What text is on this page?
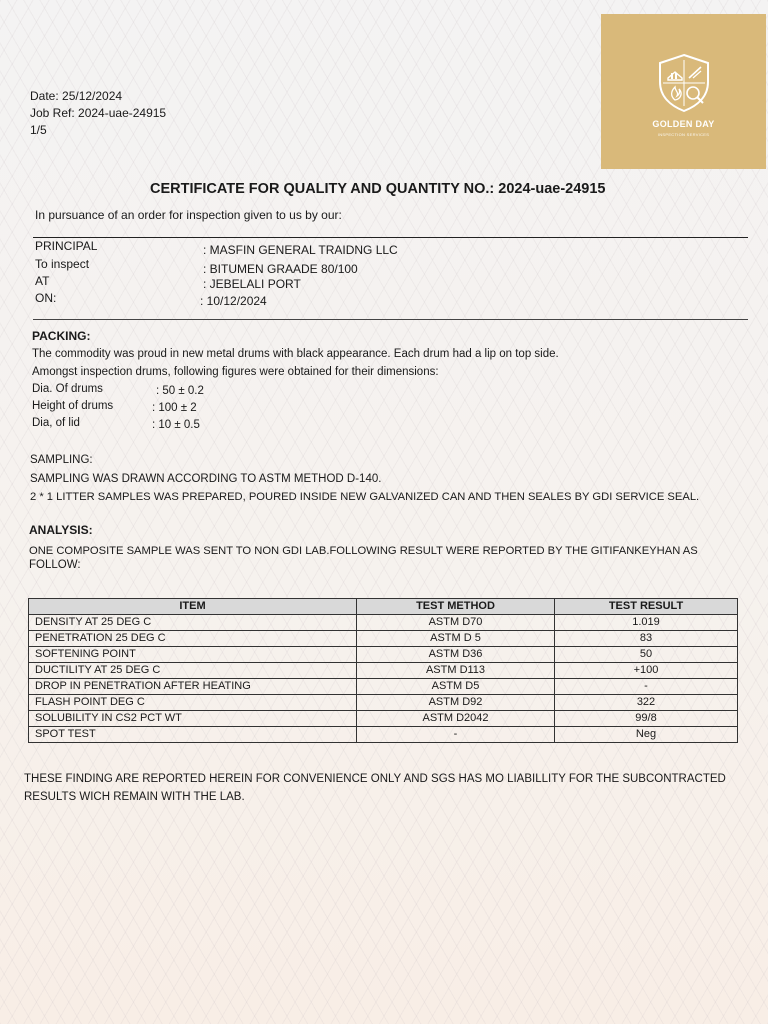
Date: 25/12/2024
Job Ref: 2024-uae-24915
1/5	GOLDEN DAY
INSPECTION SERVICES
CERTIFICATE FOR QUALITY AND QUANTITY NO.: 2024-uae-24915
In pursuance of an order for inspection given to us by our:
PRINCIPAL	: MASFIN GENERAL TRAIDNG LLC
To inspect	: BITUMEN GRAADE 80/100
AT	: JEBELALI PORT
ON:	: 10/12/2024
PACKING:
The commodity was proud in new metal drums with black appearance. Each drum had a lip on top side.
Amongst inspection drums, following figures were obtained for their dimensions:
Dia. Of drums	: 50 ± 0.2
Height of drums	: 100 ± 2
Dia, of lid	: 10 ± 0.5
SAMPLING:
SAMPLING WAS DRAWN ACCORDING TO ASTM METHOD D-140.
2 * 1 LITTER SAMPLES WAS PREPARED, POURED INSIDE NEW GALVANIZED CAN AND THEN SEALES BY GDI SERVICE SEAL.
ANALYSIS:
ONE COMPOSITE SAMPLE WAS SENT TO NON GDI LAB.FOLLOWING RESULT WERE REPORTED BY THE GITIFANKEYHAN AS
FOLLOW:
ITEM	TEST METHOD	TEST RESULT
DENSITY AT 25 DEG C	ASTM D70	1.019
PENETRATION 25 DEG C	ASTM D 5	83
SOFTENING POINT	ASTM D36	50
DUCTILITY AT 25 DEG C	ASTM D113	+100
DROP IN PENETRATION AFTER HEATING	ASTM D5	-
FLASH POINT DEG C	ASTM D92	322
SOLUBILITY IN CS2 PCT WT	ASTM D2042	99/8
SPOT TEST	-	Neg
THESE FINDING ARE REPORTED HEREIN FOR CONVENIENCE ONLY AND SGS HAS MO LIABILLITY FOR THE SUBCONTRACTED RESULTS WICH REMAIN WITH THE LAB.
